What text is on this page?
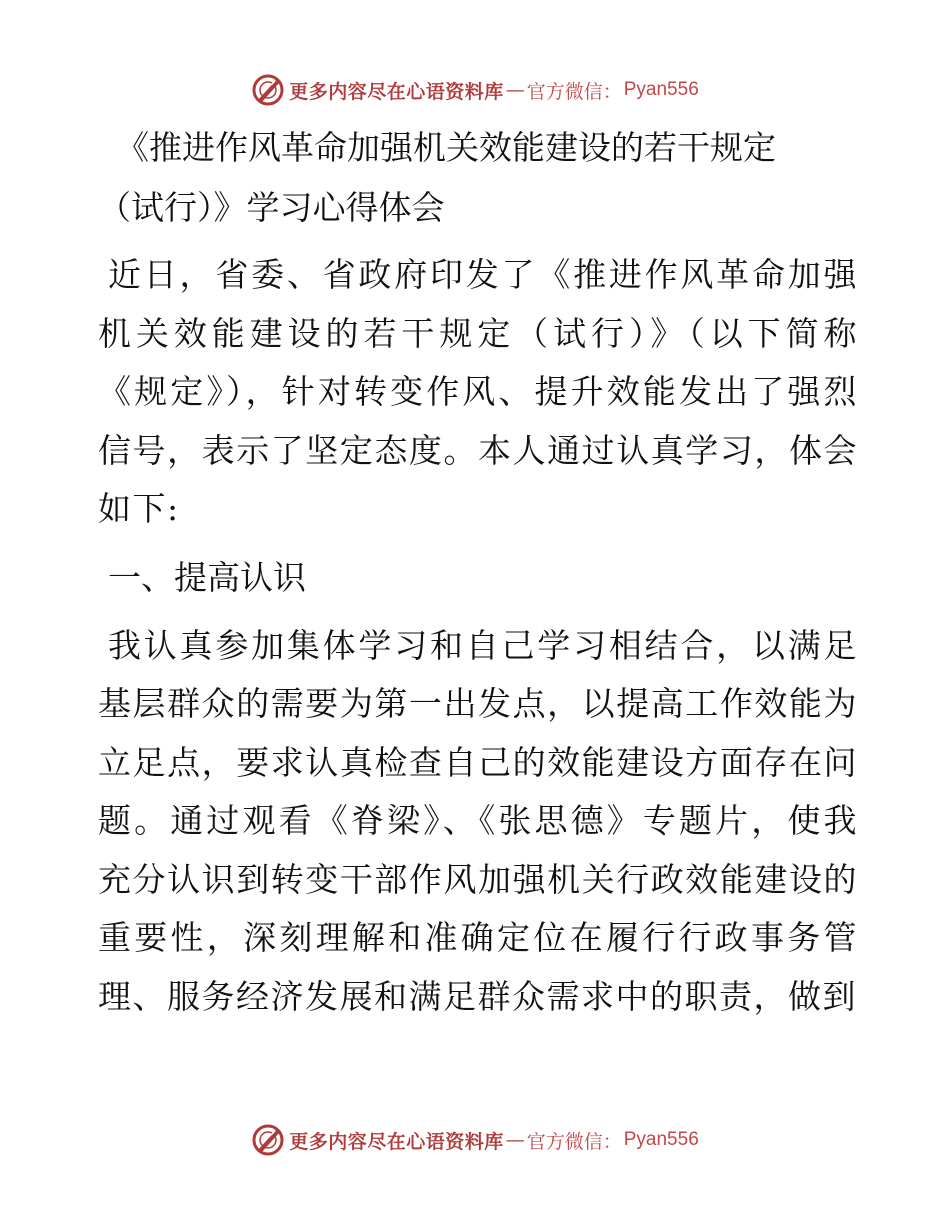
更多内容尽在心语资料库 — 官方微信： Pyan556
《推进作风革命加强机关效能建设的若干规定
（试行）》学习心得体会

近日，省委、省政府印发了《推进作风革命加强机关效能建设的若干规定（试行）》（以下简称《规定》），针对转变作风、提升效能发出了强烈信号，表示了坚定态度。本人通过认真学习，体会如下:

一、提高认识

我认真参加集体学习和自己学习相结合，以满足基层群众的需要为第一出发点，以提高工作效能为立足点，要求认真检查自己的效能建设方面存在问题。通过观看《脊梁》、《张思德》专题片，使我充分认识到转变干部作风加强机关行政效能建设的重要性，深刻理解和准确定位在履行行政事务管理、服务经济发展和满足群众需求中的职责，做到

更多内容尽在心语资料库 — 官方微信： Pyan556
